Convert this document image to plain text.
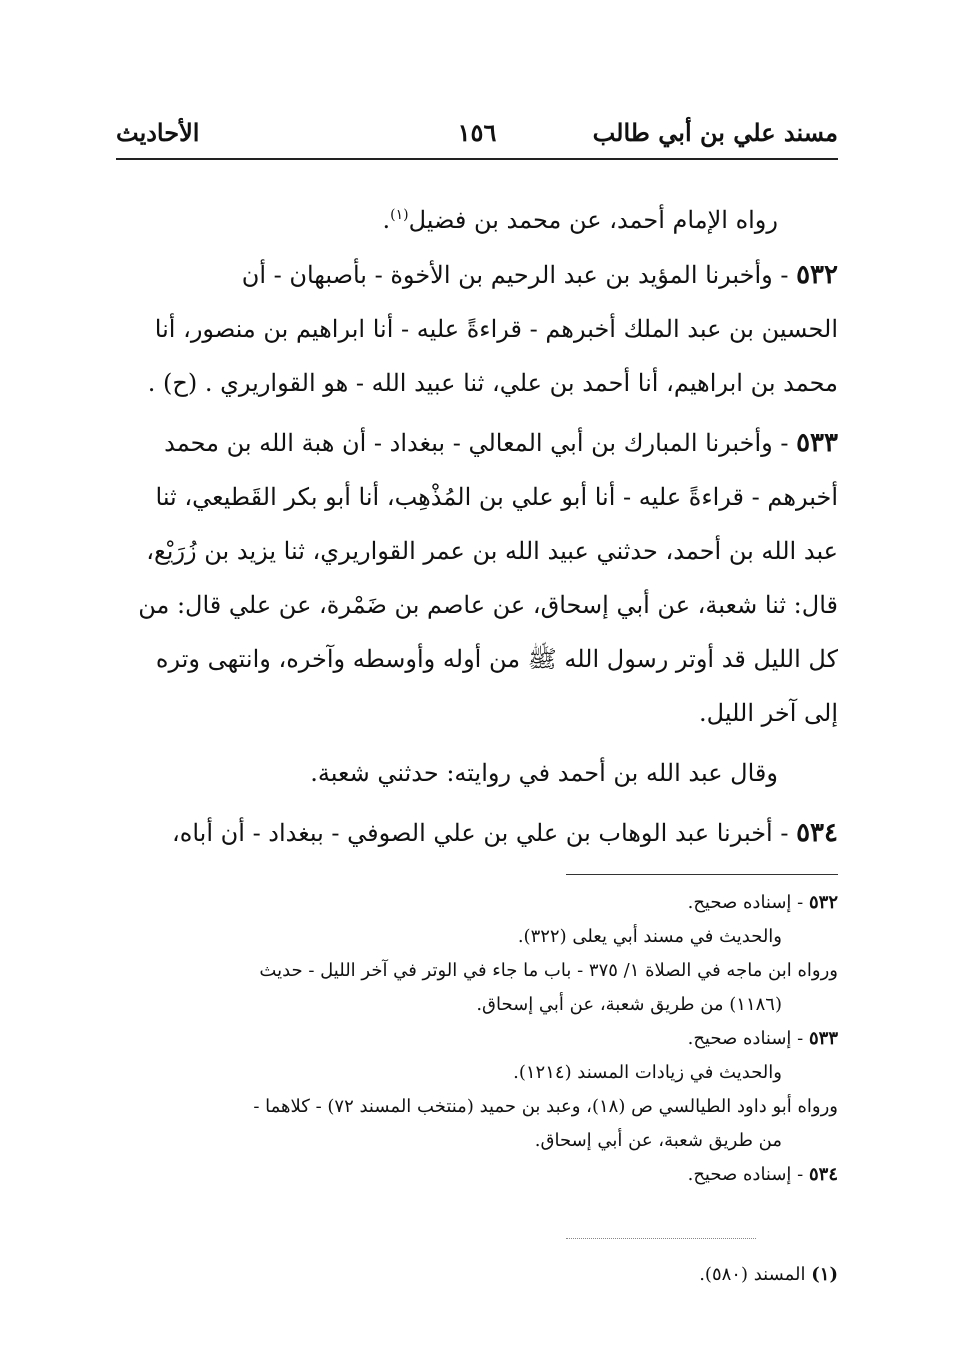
مسند علي بن أبي طالب
١٥٦
الأحاديث
رواه الإمام أحمد، عن محمد بن فضيل$^{(١)}$.
٥٣٢ - وأخبرنا المؤيد بن عبد الرحيم بن الأخوة - بأصبهان - أن
الحسين بن عبد الملك أخبرهم - قراءةً عليه - أنا ابراهيم بن منصور، أنا
محمد بن ابراهيم، أنا أحمد بن علي، ثنا عبيد الله - هو القواريري . (ح) .
٥٣٣ - وأخبرنا المبارك بن أبي المعالي - ببغداد - أن هبة الله بن محمد
أخبرهم - قراءةً عليه - أنا أبو علي بن المُذْهِب، أنا أبو بكر القَطيعي، ثنا
عبد الله بن أحمد، حدثني عبيد الله بن عمر القواريري، ثنا يزيد بن زُرَيْع،
قال: ثنا شعبة، عن أبي إسحاق، عن عاصم بن ضَمْرة، عن علي قال: من
كل الليل قد أوتر رسول الله ﷺ من أوله وأوسطه وآخره، وانتهى وتره
إلى آخر الليل.
وقال عبد الله بن أحمد في روايته: حدثني شعبة.
٥٣٤ - أخبرنا عبد الوهاب بن علي بن علي الصوفي - ببغداد - أن أباه،
٥٣٢ - إسناده صحيح.
والحديث في مسند أبي يعلى (٣٢٢).
ورواه ابن ماجه في الصلاة ١/ ٣٧٥ - باب ما جاء في الوتر في آخر الليل - حديث
(١١٨٦) من طريق شعبة، عن أبي إسحاق.
٥٣٣ - إسناده صحيح.
والحديث في زيادات المسند (١٢١٤).
ورواه أبو داود الطيالسي ص (١٨)، وعبد بن حميد (منتخب المسند ٧٢) - كلاهما -
من طريق شعبة، عن أبي إسحاق.
٥٣٤ - إسناده صحيح.
(١) المسند (٥٨٠).
